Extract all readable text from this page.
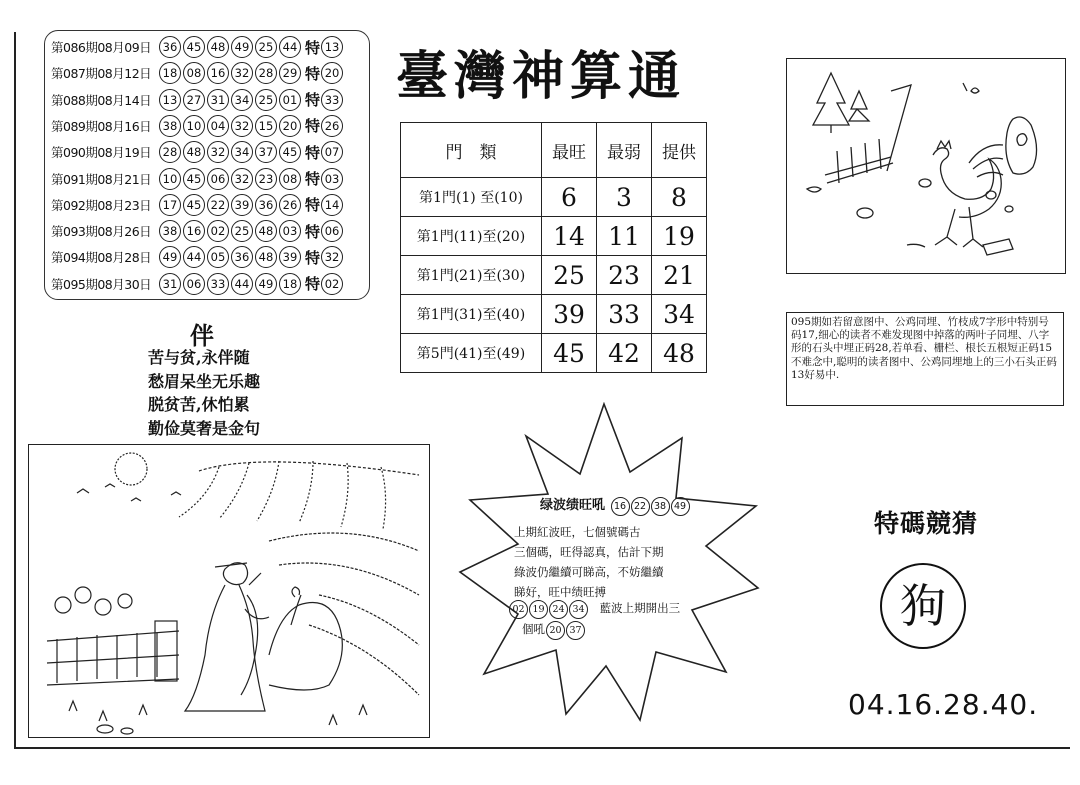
第086期08月09日	36 45 48 49 25 44 特 13
第087期08月12日	18 08 16 32 28 29 特 20
第088期08月14日	13 27 31 34 25 01 特 33
第089期08月16日	38 10 04 32 15 20 特 26
第090期08月19日	28 48 32 34 37 45 特 07
第091期08月21日	10 45 06 32 23 08 特 03
第092期08月23日	17 45 22 39 36 26 特 14
第093期08月26日	38 16 02 25 48 03 特 06
第094期08月28日	49 44 05 36 48 39 特 32
第095期08月30日	31 06 33 44 49 18 特 02
臺灣神算通
門　類	最旺	最弱	提供
第1門(1) 至(10)	6	3	8
第1門(11)至(20)	14	11	19
第1門(21)至(30)	25	23	21
第1門(31)至(40)	39	33	34
第5門(41)至(49)	45	42	48
095期如若留意图中、公鸡同埋、竹枝成7字形中特别号码17,细心的读者不难发现图中掉落的两叶子同埋、八字形的石头中埋正码28,若单看、栅栏、根长五根短正码15不难念中,聪明的读者图中、公鸡同埋地上的三小石头正码13好易中.
伴
苦与贫,永伴随
愁眉呆坐无乐趣
脱贫苦,休怕累
勤俭莫奢是金句
绿波绩旺吼 16 22 38 49
上期紅波旺，七個號碼古
三個碼，旺得認真，估計下期
綠波仍繼續可睇高，不妨繼續
睇好，旺中绩旺搏
02 19 24 34 藍波上期開出三
個吼 20 37
特碼競猜
狗
04.16.28.40.
